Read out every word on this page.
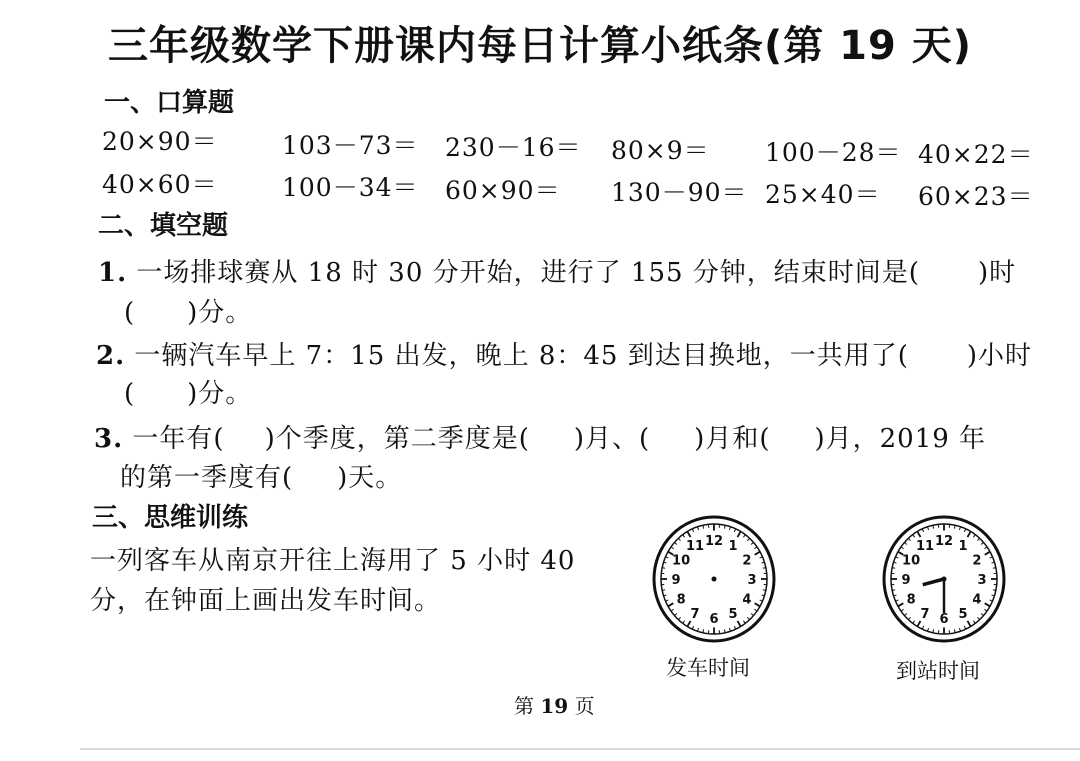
三年级数学下册课内每日计算小纸条(第 19 天)
一、口算题
20×90＝	103－73＝ 230－16＝ 80×9＝ 100－28＝ 40×22＝
40×60＝	100－34＝ 60×90＝ 130－90＝ 25×40＝ 60×23＝
二、填空题
1. 一场排球赛从 18 时 30 分开始，进行了 155 分钟，结束时间是( )时
( )分。
2. 一辆汽车早上 7：15 出发，晚上 8：45 到达目换地，一共用了( )小时
( )分。
3. 一年有( )个季度，第二季度是( )月、( )月和( )月，2019 年
的第一季度有( )天。
三、思维训练
一列客车从南京开往上海用了 5 小时 40
分，在钟面上画出发车时间。
12 1
2
3
4
5
6
7
8
9
10
11
发车时间
12 1
2
3
4
5
6
7
8
9
10
11
到站时间
第 19 页
